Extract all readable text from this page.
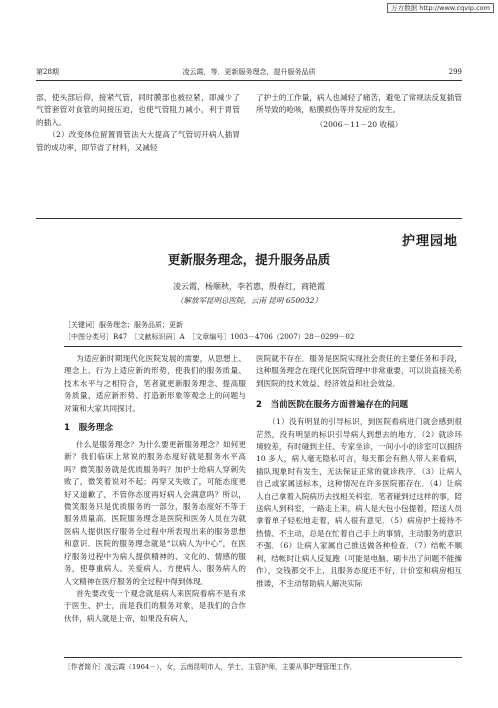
万方数据 http://www.cqvip.com
第28期	凌云霞，等．更新服务理念，提升服务品质	299

部，使头部后仰，接紧气管，同时膜部也被拉紧，即减少了气管套管对食管的间接压迫，也使气管阻力减小，利于胃管的插入。

（2）改变体位留置胃管法大大提高了气管切开病人插胃管的成功率，即节省了材料，又减轻

了护士的工作量，病人也减轻了痛苦，避免了常规法反复插管所导致的呛咳，粘膜损伤等并发症的发生。

（2006－11－20 收稿）

护理园地
更新服务理念，提升服务品质
凌云霞，杨顺秋，李若惠，殷春红，商艳霞
（解放军昆明总医院，云南 昆明 650032）
［关键词］服务理念；服务品质；更新
［中图分类号］R47　［文献标识码］A　［文章编号］1003－4706（2007）28－0299－02

为适应新时期现代化医院发展的需要，从思想上、理念上、行为上适应新的形势，使我们的服务质量、技术水平与之相符合，笔者就更新服务理念、提高服务质量、适应新形势、打造新形象等观念上的问题与对策和大家共同探讨。

1　服务理念

什么是服务理念？为什么要更新服务理念？如何更新？我们临床上常说的服务态度好就是服务水平高吗？微笑服务就是优质服务吗？加护士给病人穿刺失败了，微笑着说对不起；再穿又失败了，可能态度更好又道歉了，不管你态度再好病人会满意吗？所以，微笑服务只是优质服务的一部分，服务态度好不等于服务质量高．医院服务理念是医院和医务人员在为就医病人提供医疗服务全过程中所表现出来的服务思想和意识．医院的服务理念就是“以病人为中心”，在医疗服务过程中为病人提供精神的、文化的、情感的服务，使尊重病人、关爱病人、方便病人、服务病人的人文精神在医疗服务的全过程中得到体现．

首先要改变一个观念就是病人来医院看病不是有求于医生、护士，而是我们的服务对象，是我们的合作伙伴，病人就是上帝，如果没有病人，

医院就不存在．服务是医院实现社会责任的主要任务和手段，这种服务理念在现代化医院管理中非常重要，可以说直接关系到医院的技术效益、经济效益和社会效益．

2　当前医院在服务方面普遍存在的问题

（1）没有明显的引导标识，到医院看病进门就会感到很茫然，没有明显的标识引导病人到想去的地方．（2）就诊环境较差，有时碰到主任、专家坐诊，一间小小的诊室可以拥挤 10 多人，病人毫无隐私可言，每天都会有熟人带人来看病，插队现象时有发生，无法保证正常的就诊秩序．（3）让病人自己或家属送标本，这种情况在许多医院都存在．（4）让病人自己拿着入院病历去找相关科室．笔者碰到过这样的事，陪送病人到科室，一路走上来，病人是大包小包提着，陪送人员拿着单子轻松地走着，病人很有意见．（5）病房护士接待不热情、不主动，总是在忙着自己手上的事情，主动服务的意识不强．（6）让病人家属自己推送做各种检查．（7）结帐不顺利，结帐时让病人反复跑（可能是电脑、刷卡出了问题不能操作），交钱都交不上，且服务态度还不好，计价室和病房相互推诿，不主动帮助病人解决实际

［作者简介］凌云霞（1964－），女，云南昆明市人，学士，主管护师，主要从事护理管理工作．
